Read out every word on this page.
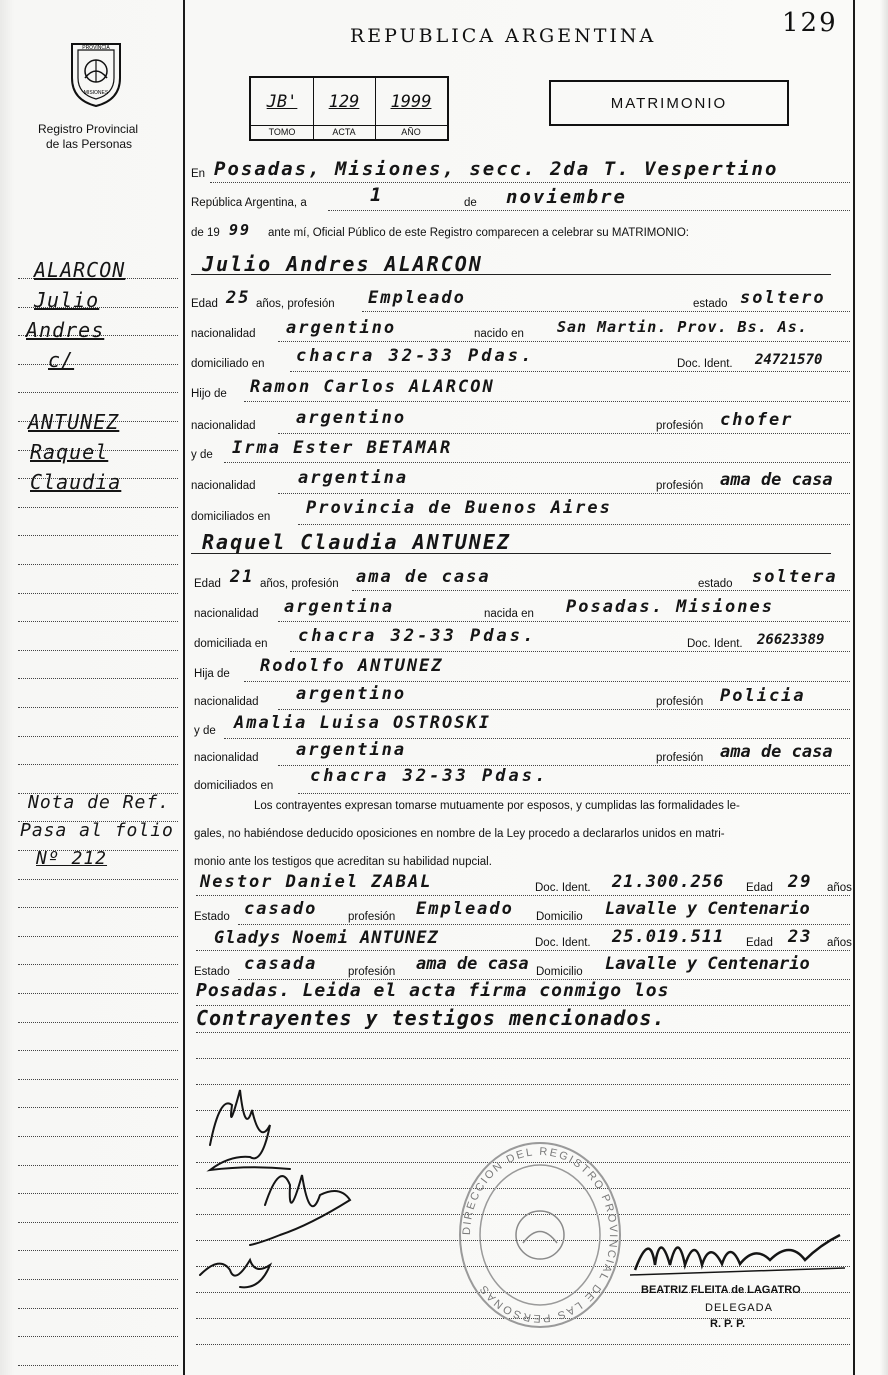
129
REPUBLICA ARGENTINA
PROVINCIA
MISIONES
Registro Provincial
de las Personas
JB'
TOMO
129
ACTA
1999
AÑO
MATRIMONIO
ALARCON
Julio
Andres
c/
ANTUNEZ
Raquel
Claudia
Nota de Ref.
Pasa al folio
Nº 212
En Posadas, Misiones, secc. 2da T. Vespertino
República Argentina, a	1	de noviembre
de 19 99 ante mí, Oficial Público de este Registro comparecen a celebrar su MATRIMONIO:
Julio Andres ALARCON
Edad 25 años, profesión Empleado	estado soltero
nacionalidad argentino	nacido en San Martin. Prov. Bs. As.
domiciliado en chacra 32-33 Pdas.	Doc. Ident. 24721570
Hijo de Ramon Carlos ALARCON
nacionalidad argentino	profesión chofer
y de Irma Ester BETAMAR
nacionalidad argentina	profesión ama de casa
domiciliados en Provincia de Buenos Aires
Raquel Claudia ANTUNEZ
Edad 21 años, profesión ama de casa	estado soltera
nacionalidad argentina	nacida en Posadas. Misiones
domiciliada en chacra 32-33 Pdas.	Doc. Ident. 26623389
Hija de Rodolfo ANTUNEZ
nacionalidad argentino	profesión Policia
y de Amalia Luisa OSTROSKI
nacionalidad argentina	profesión ama de casa
domiciliados en chacra 32-33 Pdas.
Los contrayentes expresan tomarse mutuamente por esposos, y cumplidas las formalidades le-
gales, no habiéndose deducido oposiciones en nombre de la Ley procedo a declararlos unidos en matri-
monio ante los testigos que acreditan su habilidad nupcial.
Nestor Daniel ZABAL	Doc. Ident. 21.300.256 Edad 29 años
Estado casado	profesión Empleado Domicilio Lavalle y Centenario
Gladys Noemi ANTUNEZ	Doc. Ident. 25.019.511 Edad 23 años
Estado casada	profesión ama de casa Domicilio Lavalle y Centenario
Posadas. Leida el acta firma conmigo los
Contrayentes y testigos mencionados.
DIRECCION DEL REGISTRO PROVINCIAL DE LAS PERSONAS	BEATRIZ FLEITA de LAGATRO
DELEGADA
R. P. P.
